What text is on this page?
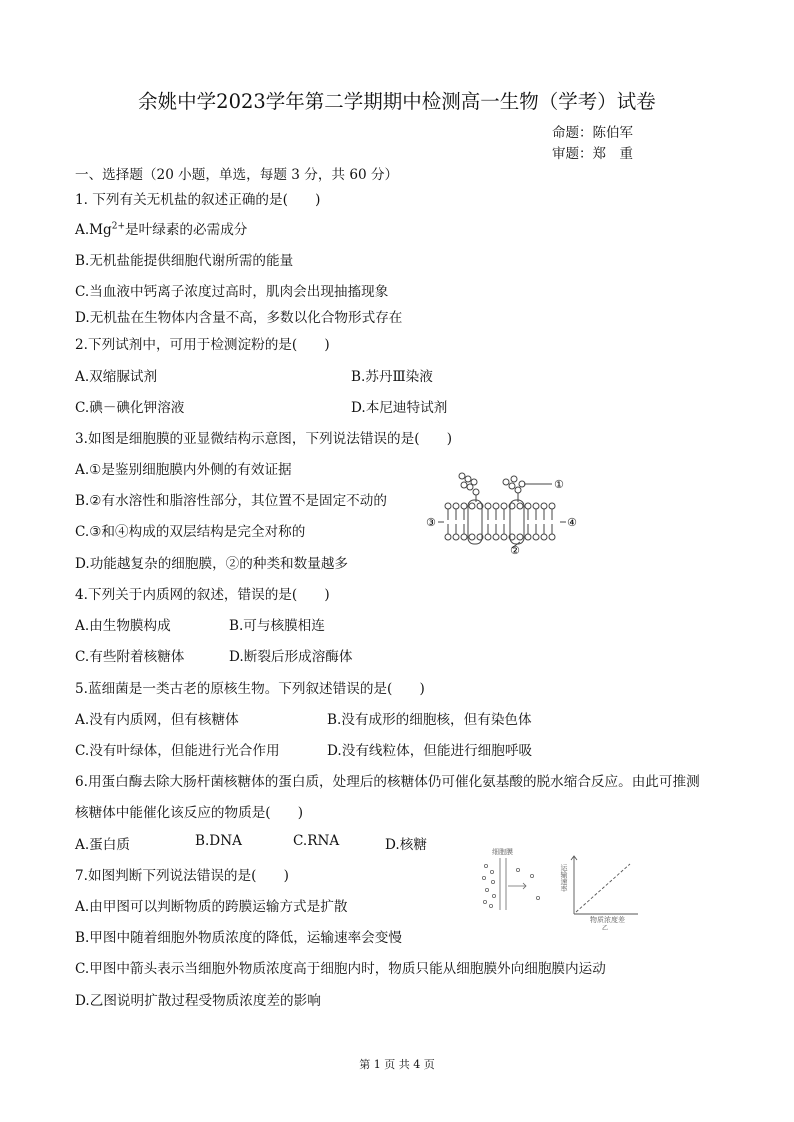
余姚中学2023学年第二学期期中检测高一生物（学考）试卷
命题：陈伯军
审题：郑　重
一、选择题（20 小题，单选，每题 3 分，共 60 分）
1. 下列有关无机盐的叙述正确的是(　　)
$A.Mg^{2+}$是叶绿素的必需成分
B.无机盐能提供细胞代谢所需的能量
C.当血液中钙离子浓度过高时，肌肉会出现抽搐现象
D.无机盐在生物体内含量不高，多数以化合物形式存在
2.下列试剂中，可用于检测淀粉的是(　　)
A.双缩脲试剂	B.苏丹Ⅲ染液
C.碘－碘化钾溶液	D.本尼迪特试剂
3.如图是细胞膜的亚显微结构示意图，下列说法错误的是(　　)
A.①是鉴别细胞膜内外侧的有效证据
B.②有水溶性和脂溶性部分，其位置不是固定不动的
C.③和④构成的双层结构是完全对称的
D.功能越复杂的细胞膜，②的种类和数量越多
①
②
③	④
4.下列关于内质网的叙述，错误的是(　　)
A.由生物膜构成	B.可与核膜相连
C.有些附着核糖体	D.断裂后形成溶酶体
5.蓝细菌是一类古老的原核生物。下列叙述错误的是(　　)
A.没有内质网，但有核糖体	B.没有成形的细胞核，但有染色体
C.没有叶绿体，但能进行光合作用	D.没有线粒体，但能进行细胞呼吸
6.用蛋白酶去除大肠杆菌核糖体的蛋白质，处理后的核糖体仍可催化氨基酸的脱水缩合反应。由此可推测
核糖体中能催化该反应的物质是(　　)
A.蛋白质	B.DNA	C.RNA	D.核糖
7.如图判断下列说法错误的是(　　)
A.由甲图可以判断物质的跨膜运输方式是扩散
B.甲图中随着细胞外物质浓度的降低，运输速率会变慢
C.甲图中箭头表示当细胞外物质浓度高于细胞内时，物质只能从细胞膜外向细胞膜内运动
D.乙图说明扩散过程受物质浓度差的影响
细胞膜
运输速率
物质浓度差
乙
第 1 页 共 4 页
